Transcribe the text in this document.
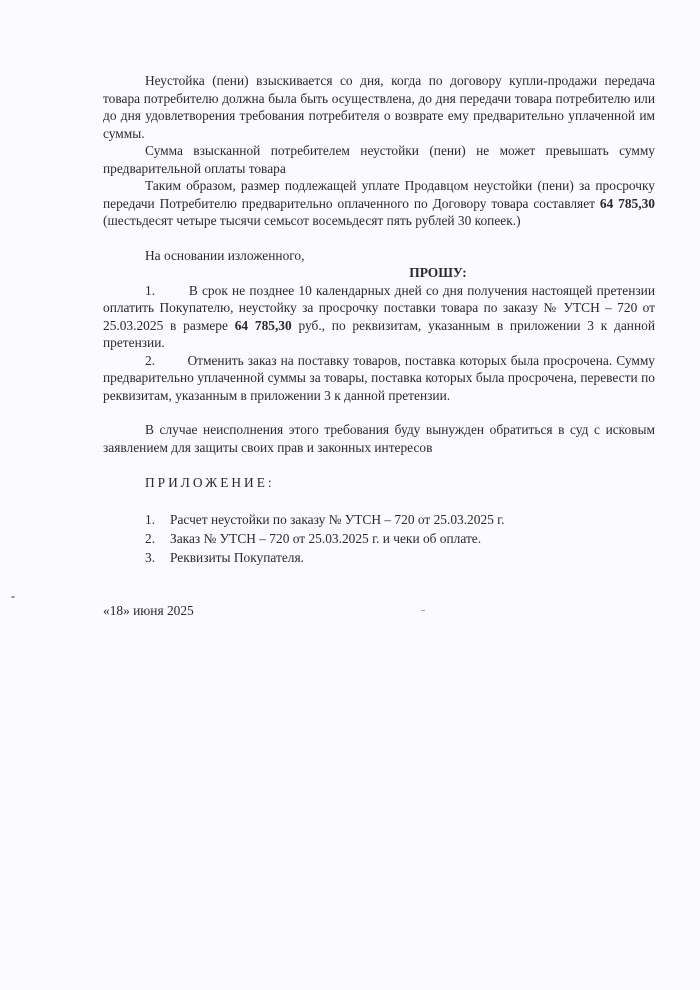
Неустойка (пени) взыскивается со дня, когда по договору купли-продажи передача товара потребителю должна была быть осуществлена, до дня передачи товара потребителю или до дня удовлетворения требования потребителя о возврате ему предварительно уплаченной им суммы.

Сумма взысканной потребителем неустойки (пени) не может превышать сумму предварительной оплаты товара

Таким образом, размер подлежащей уплате Продавцом неустойки (пени) за просрочку передачи Потребителю предварительно оплаченного по Договору товара составляет 64 785,30 (шестьдесят четыре тысячи семьсот восемьдесят пять рублей 30 копеек.)

На основании изложенного,

ПРОШУ:

1.	В срок не позднее 10 календарных дней со дня получения настоящей претензии оплатить Покупателю, неустойку за просрочку поставки товара по заказу № УТСН – 720 от 25.03.2025 в размере 64 785,30 руб., по реквизитам, указанным в приложении 3 к данной претензии.

2. Отменить заказ на поставку товаров, поставка которых была просрочена. Сумму предварительно уплаченной суммы за товары, поставка которых была просрочена, перевести по реквизитам, указанным в приложении 3 к данной претензии.

В случае неисполнения этого требования буду вынужден обратиться в суд с исковым заявлением для защиты своих прав и законных интересов

ПРИЛОЖЕНИЕ:

1.	Расчет неустойки по заказу № УТСН – 720 от 25.03.2025 г.
2.	Заказ № УТСН – 720 от 25.03.2025 г. и чеки об оплате.
3.	Реквизиты Покупателя.

«18» июня 2025
